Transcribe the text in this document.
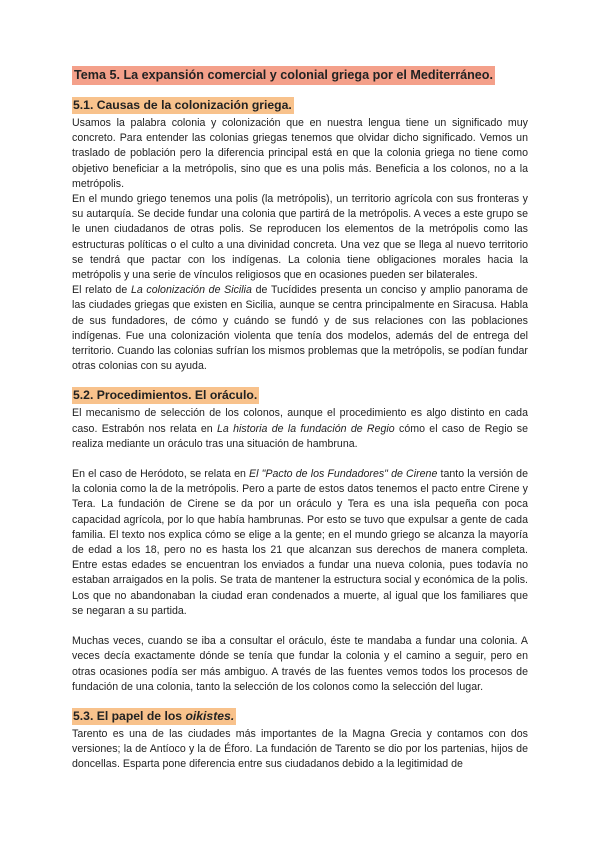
Tema 5. La expansión comercial y colonial griega por el Mediterráneo.
5.1. Causas de la colonización griega.

Usamos la palabra colonia y colonización que en nuestra lengua tiene un significado muy concreto. Para entender las colonias griegas tenemos que olvidar dicho significado. Vemos un traslado de población pero la diferencia principal está en que la colonia griega no tiene como objetivo beneficiar a la metrópolis, sino que es una polis más. Beneficia a los colonos, no a la metrópolis.

En el mundo griego tenemos una polis (la metrópolis), un territorio agrícola con sus fronteras y su autarquía. Se decide fundar una colonia que partirá de la metrópolis. A veces a este grupo se le unen ciudadanos de otras polis. Se reproducen los elementos de la metrópolis como las estructuras políticas o el culto a una divinidad concreta. Una vez que se llega al nuevo territorio se tendrá que pactar con los indígenas. La colonia tiene obligaciones morales hacia la metrópolis y una serie de vínculos religiosos que en ocasiones pueden ser bilaterales.

El relato de La colonización de Sicilia de Tucídides presenta un conciso y amplio panorama de las ciudades griegas que existen en Sicilia, aunque se centra principalmente en Siracusa. Habla de sus fundadores, de cómo y cuándo se fundó y de sus relaciones con las poblaciones indígenas. Fue una colonización violenta que tenía dos modelos, además del de entrega del territorio. Cuando las colonias sufrían los mismos problemas que la metrópolis, se podían fundar otras colonias con su ayuda.

5.2. Procedimientos. El oráculo.

El mecanismo de selección de los colonos, aunque el procedimiento es algo distinto en cada caso. Estrabón nos relata en La historia de la fundación de Regio cómo el caso de Regio se realiza mediante un oráculo tras una situación de hambruna.

En el caso de Heródoto, se relata en El "Pacto de los Fundadores" de Cirene tanto la versión de la colonia como la de la metrópolis. Pero a parte de estos datos tenemos el pacto entre Cirene y Tera. La fundación de Cirene se da por un oráculo y Tera es una isla pequeña con poca capacidad agrícola, por lo que había hambrunas. Por esto se tuvo que expulsar a gente de cada familia. El texto nos explica cómo se elige a la gente; en el mundo griego se alcanza la mayoría de edad a los 18, pero no es hasta los 21 que alcanzan sus derechos de manera completa. Entre estas edades se encuentran los enviados a fundar una nueva colonia, pues todavía no estaban arraigados en la polis. Se trata de mantener la estructura social y económica de la polis. Los que no abandonaban la ciudad eran condenados a muerte, al igual que los familiares que se negaran a su partida.

Muchas veces, cuando se iba a consultar el oráculo, éste te mandaba a fundar una colonia. A veces decía exactamente dónde se tenía que fundar la colonia y el camino a seguir, pero en otras ocasiones podía ser más ambiguo. A través de las fuentes vemos todos los procesos de fundación de una colonia, tanto la selección de los colonos como la selección del lugar.

5.3. El papel de los oikistes.

Tarento es una de las ciudades más importantes de la Magna Grecia y contamos con dos versiones; la de Antíoco y la de Éforo. La fundación de Tarento se dio por los partenias, hijos de doncellas. Esparta pone diferencia entre sus ciudadanos debido a la legitimidad de
